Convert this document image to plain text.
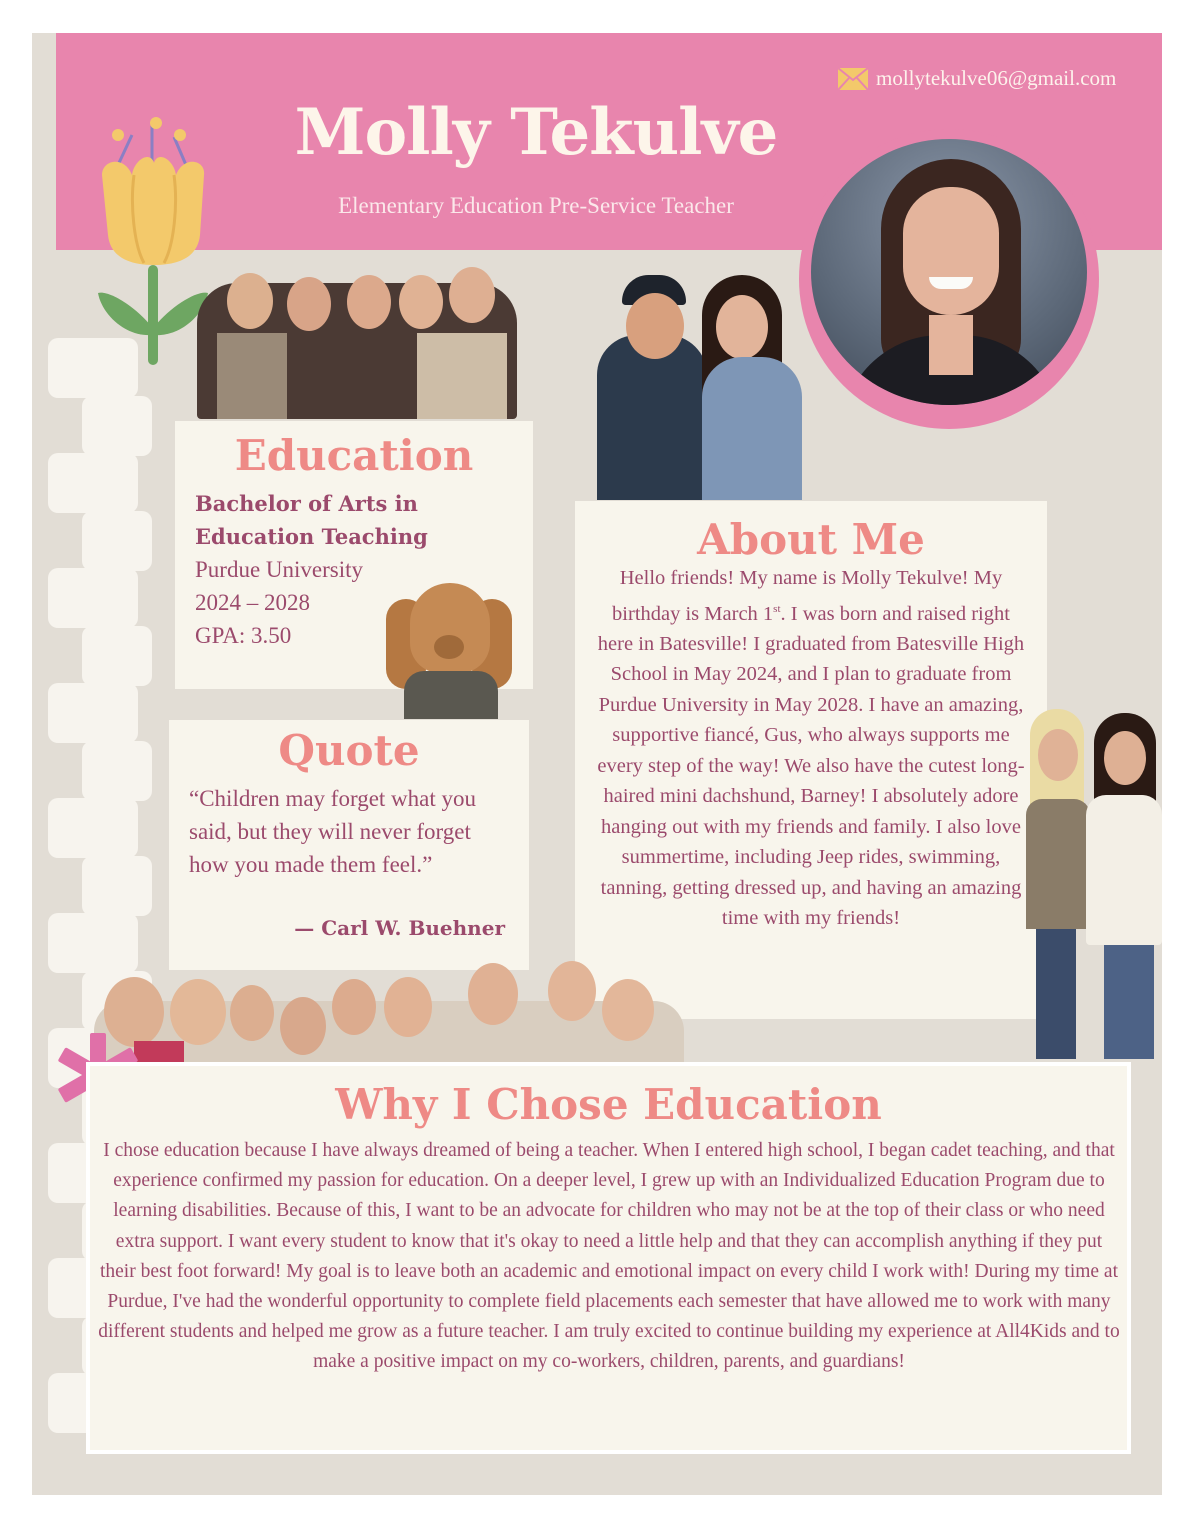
Molly Tekulve
Elementary Education Pre-Service Teacher
mollytekulve06@gmail.com
Education
Bachelor of Arts in
Education Teaching
Purdue University
2024 – 2028
GPA: 3.50
Quote
“Children may forget what you said, but they will never forget how you made them feel.”
— Carl W. Buehner
About Me
Hello friends! My name is Molly Tekulve! My birthday is March 1st. I was born and raised right here in Batesville! I graduated from Batesville High School in May 2024, and I plan to graduate from Purdue University in May 2028. I have an amazing, supportive fiancé, Gus, who always supports me every step of the way! We also have the cutest long-haired mini dachshund, Barney! I absolutely adore hanging out with my friends and family. I also love summertime, including Jeep rides, swimming, tanning, getting dressed up, and having an amazing time with my friends!
Why I Chose Education
I chose education because I have always dreamed of being a teacher. When I entered high school, I began cadet teaching, and that experience confirmed my passion for education. On a deeper level, I grew up with an Individualized Education Program due to learning disabilities. Because of this, I want to be an advocate for children who may not be at the top of their class or who need extra support. I want every student to know that it's okay to need a little help and that they can accomplish anything if they put their best foot forward! My goal is to leave both an academic and emotional impact on every child I work with! During my time at Purdue, I've had the wonderful opportunity to complete field placements each semester that have allowed me to work with many different students and helped me grow as a future teacher. I am truly excited to continue building my experience at All4Kids and to make a positive impact on my co-workers, children, parents, and guardians!
